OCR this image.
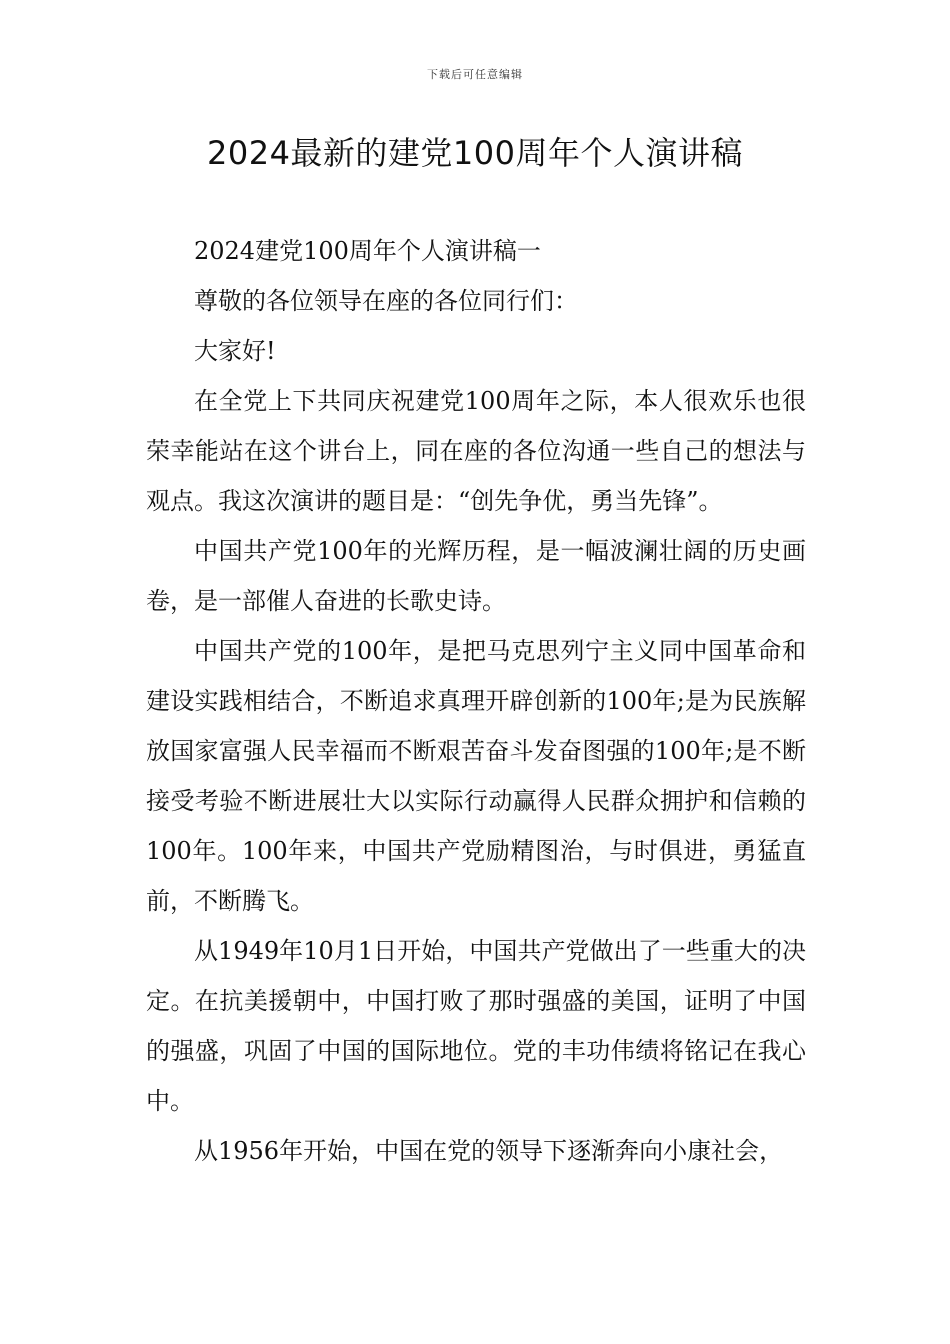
下载后可任意编辑
2024最新的建党100周年个人演讲稿

2024建党100周年个人演讲稿一

尊敬的各位领导在座的各位同行们：

大家好!

在全党上下共同庆祝建党100周年之际，本人很欢乐也很荣幸能站在这个讲台上，同在座的各位沟通一些自己的想法与观点。我这次演讲的题目是：“创先争优，勇当先锋”。

中国共产党100年的光辉历程，是一幅波澜壮阔的历史画卷，是一部催人奋进的长歌史诗。

中国共产党的100年，是把马克思列宁主义同中国革命和建设实践相结合，不断追求真理开辟创新的100年;是为民族解放国家富强人民幸福而不断艰苦奋斗发奋图强的100年;是不断接受考验不断进展壮大以实际行动赢得人民群众拥护和信赖的100年。100年来，中国共产党励精图治，与时俱进，勇猛直前，不断腾飞。

从1949年10月1日开始，中国共产党做出了一些重大的决定。在抗美援朝中，中国打败了那时强盛的美国，证明了中国的强盛，巩固了中国的国际地位。党的丰功伟绩将铭记在我心中。

从1956年开始，中国在党的领导下逐渐奔向小康社会，
